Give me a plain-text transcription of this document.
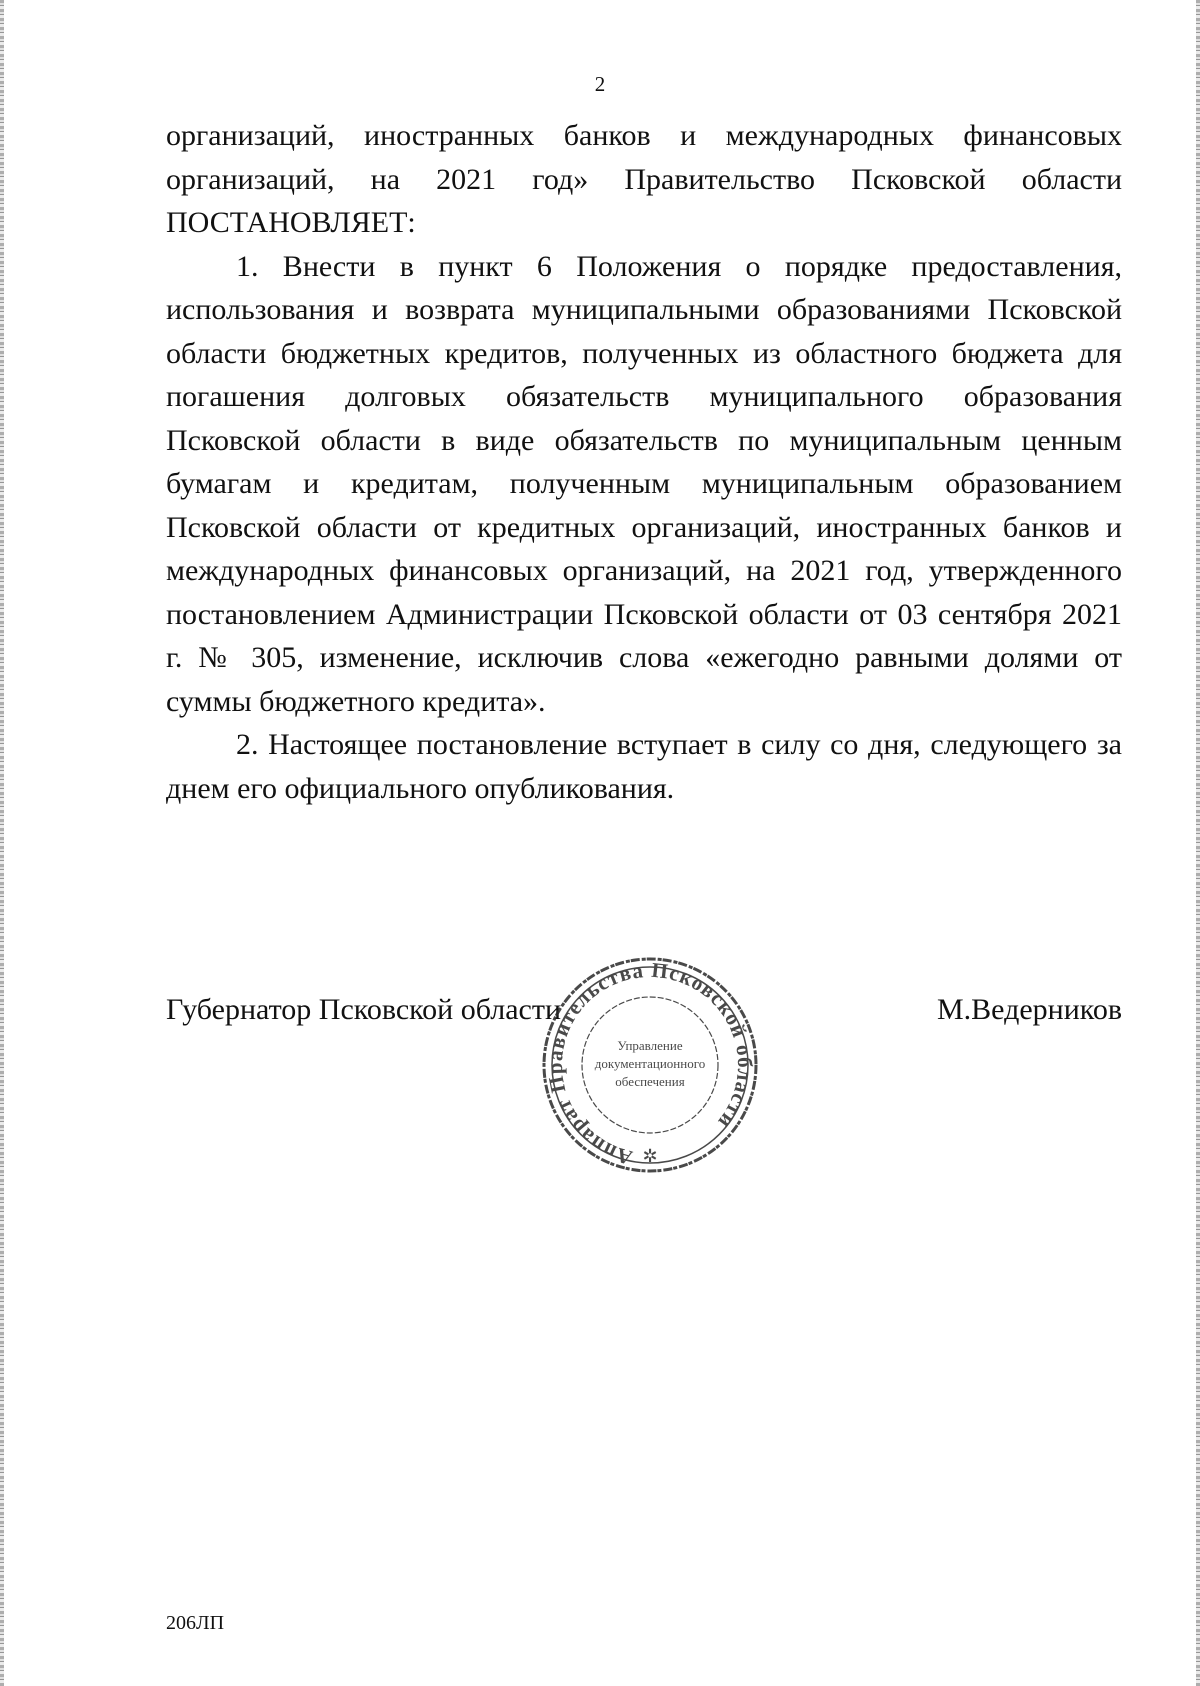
2

организаций, иностранных банков и международных финансовых организаций, на 2021 год» Правительство Псковской области ПОСТАНОВЛЯЕТ:

1. Внести в пункт 6 Положения о порядке предоставления, использования и возврата муниципальными образованиями Псковской области бюджетных кредитов, полученных из областного бюджета для погашения долговых обязательств муниципального образования Псковской области в виде обязательств по муниципальным ценным бумагам и кредитам, полученным муниципальным образованием Псковской области от кредитных организаций, иностранных банков и международных финансовых организаций, на 2021 год, утвержденного постановлением Администрации Псковской области от 03 сентября 2021 г. № 305, изменение, исключив слова «ежегодно равными долями от суммы бюджетного кредита».

2. Настоящее постановление вступает в силу со дня, следующего за днем его официального опубликования.

Губернатор Псковской области	М.Ведерников
Аппарат Правительства Псковской области
Управление
документационного
обеспечения
✲
206ЛП
